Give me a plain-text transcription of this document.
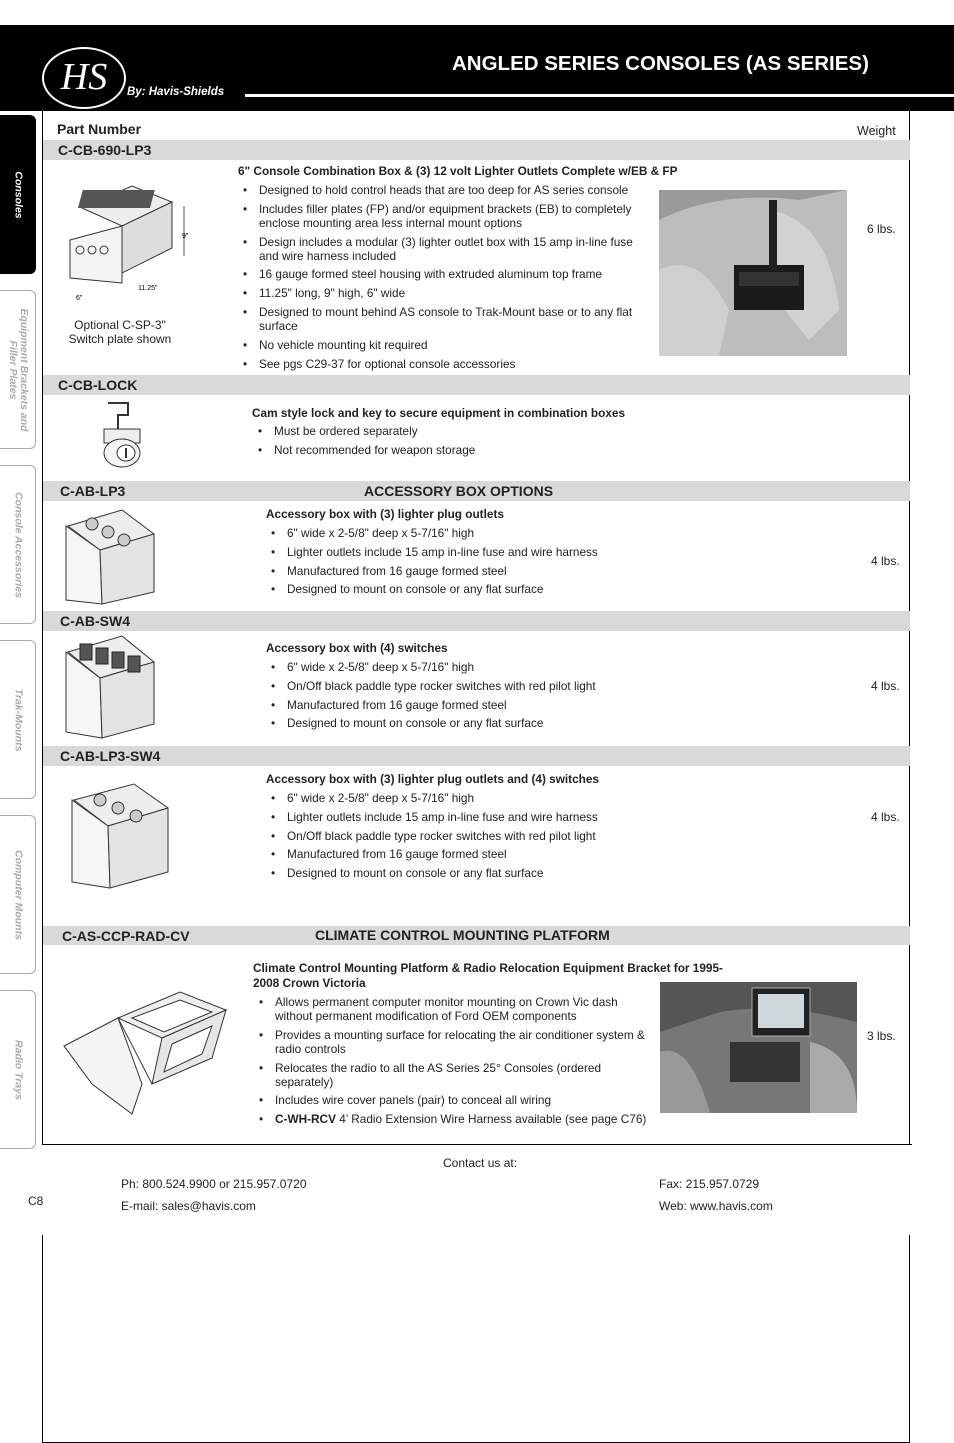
HS	By: Havis-Shields
ANGLED SERIES CONSOLES (AS SERIES)
Consoles
Equipment Brackets and Filler Plates
Console Accessories
Trak-Mounts
Computer Mounts
Radio Trays
Part Number	Weight
C-CB-690-LP3
9"
11.25"
6"
Optional C-SP-3" Switch plate shown
6" Console Combination Box & (3) 12 volt Lighter Outlets Complete w/EB & FP
• Designed to hold control heads that are too deep for AS series console
• Includes filler plates (FP) and/or equipment brackets (EB) to completely enclose mounting area less internal mount options
• Design includes a modular (3) lighter outlet box with 15 amp in-line fuse and wire harness included
• 16 gauge formed steel housing with extruded aluminum top frame
• 11.25" long, 9" high, 6" wide
• Designed to mount behind AS console to Trak-Mount base or to any flat surface
• No vehicle mounting kit required
• See pgs C29-37 for optional console accessories
6 lbs.
C-CB-LOCK
Cam style lock and key to secure equipment in combination boxes
• Must be ordered separately
• Not recommended for weapon storage
C-AB-LP3	ACCESSORY BOX OPTIONS
Accessory box with (3) lighter plug outlets
• 6" wide x 2-5/8" deep x 5-7/16" high
• Lighter outlets include 15 amp in-line fuse and wire harness
• Manufactured from 16 gauge formed steel
• Designed to mount on console or any flat surface
4 lbs.
C-AB-SW4
Accessory box with (4) switches
• 6" wide x 2-5/8" deep x 5-7/16" high
• On/Off black paddle type rocker switches with red pilot light
• Manufactured from 16 gauge formed steel
• Designed to mount on console or any flat surface
4 lbs.
C-AB-LP3-SW4
Accessory box with (3) lighter plug outlets and (4) switches
• 6" wide x 2-5/8" deep x 5-7/16" high
• Lighter outlets include 15 amp in-line fuse and wire harness
• On/Off black paddle type rocker switches with red pilot light
• Manufactured from 16 gauge formed steel
• Designed to mount on console or any flat surface
4 lbs.
C-AS-CCP-RAD-CV	CLIMATE CONTROL MOUNTING PLATFORM
Climate Control Mounting Platform & Radio Relocation Equipment Bracket for 1995-2008 Crown Victoria
• Allows permanent computer monitor mounting on Crown Vic dash without permanent modification of Ford OEM components
• Provides a mounting surface for relocating the air conditioner system & radio controls
• Relocates the radio to all the AS Series 25° Consoles (ordered separately)
• Includes wire cover panels (pair) to conceal all wiring
• C-WH-RCV 4’ Radio Extension Wire Harness available (see page C76)
3 lbs.
Contact us at:
Ph: 800.524.9900 or 215.957.0720
E-mail: sales@havis.com
Fax: 215.957.0729
Web: www.havis.com
C8
